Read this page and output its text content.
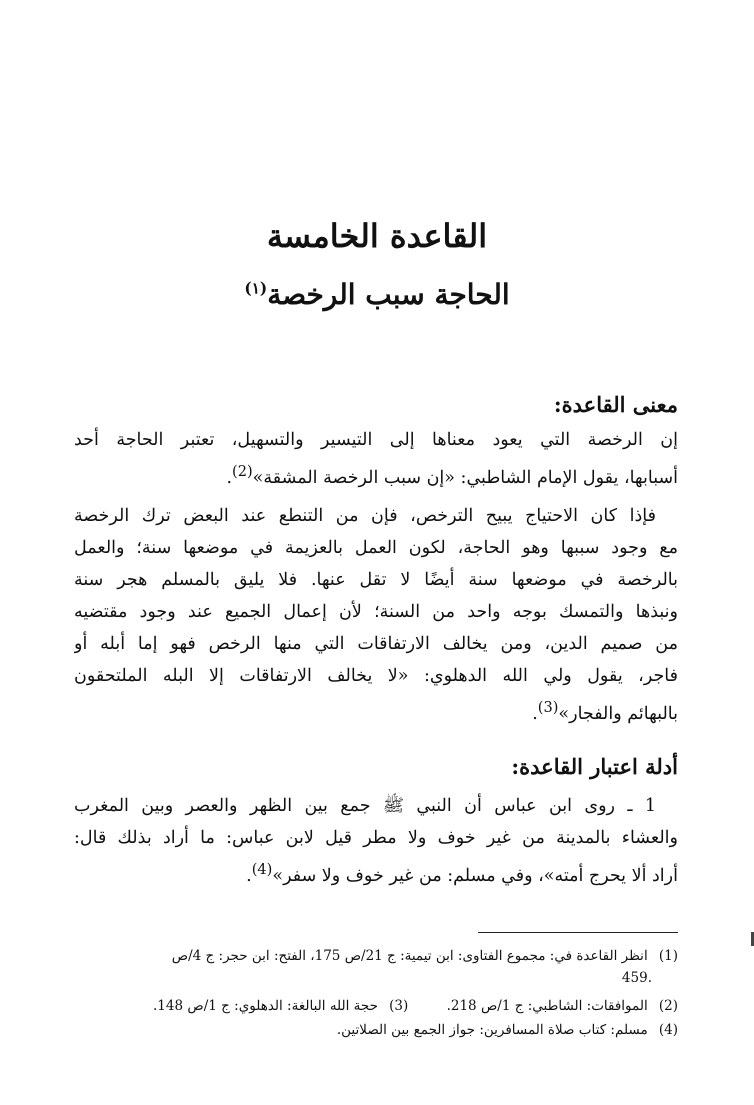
القاعدة الخامسة
الحاجة سبب الرخصة$^{(١)}$
معنى القاعدة:
إن الرخصة التي يعود معناها إلى التيسير والتسهيل، تعتبر الحاجة أحد
أسبابها، يقول الإمام الشاطبي: «إن سبب الرخصة المشقة»$^{(2)}$.
فإذا كان الاحتياج يبيح الترخص، فإن من التنطع عند البعض ترك الرخصة
مع وجود سببها وهو الحاجة، لكون العمل بالعزيمة في موضعها سنة؛ والعمل
بالرخصة في موضعها سنة أيضًا لا تقل عنها. فلا يليق بالمسلم هجر سنة
ونبذها والتمسك بوجه واحد من السنة؛ لأن إعمال الجميع عند وجود مقتضيه
من صميم الدين، ومن يخالف الارتفاقات التي منها الرخص فهو إما أبله أو
فاجر، يقول ولي الله الدهلوي: «لا يخالف الارتفاقات إلا البله الملتحقون
بالبهائم والفجار»$^{(3)}$.
أدلة اعتبار القاعدة:
1 ـ روى ابن عباس أن النبي ﷺ جمع بين الظهر والعصر وبين المغرب
والعشاء بالمدينة من غير خوف ولا مطر قيل لابن عباس: ما أراد بذلك قال:
أراد ألا يحرج أمته»، وفي مسلم: من غير خوف ولا سفر»$^{(4)}$.
(1) انظر القاعدة في: مجموع الفتاوى: ابن تيمية: ج 21/ص 175، الفتح: ابن حجر: ج 4/ص
.459
(2) الموافقات: الشاطبي: ج 1/ص 218. (3) حجة الله البالغة: الدهلوي: ج 1/ص 148.
(4) مسلم: كتاب صلاة المسافرين: جواز الجمع بين الصلاتين.
